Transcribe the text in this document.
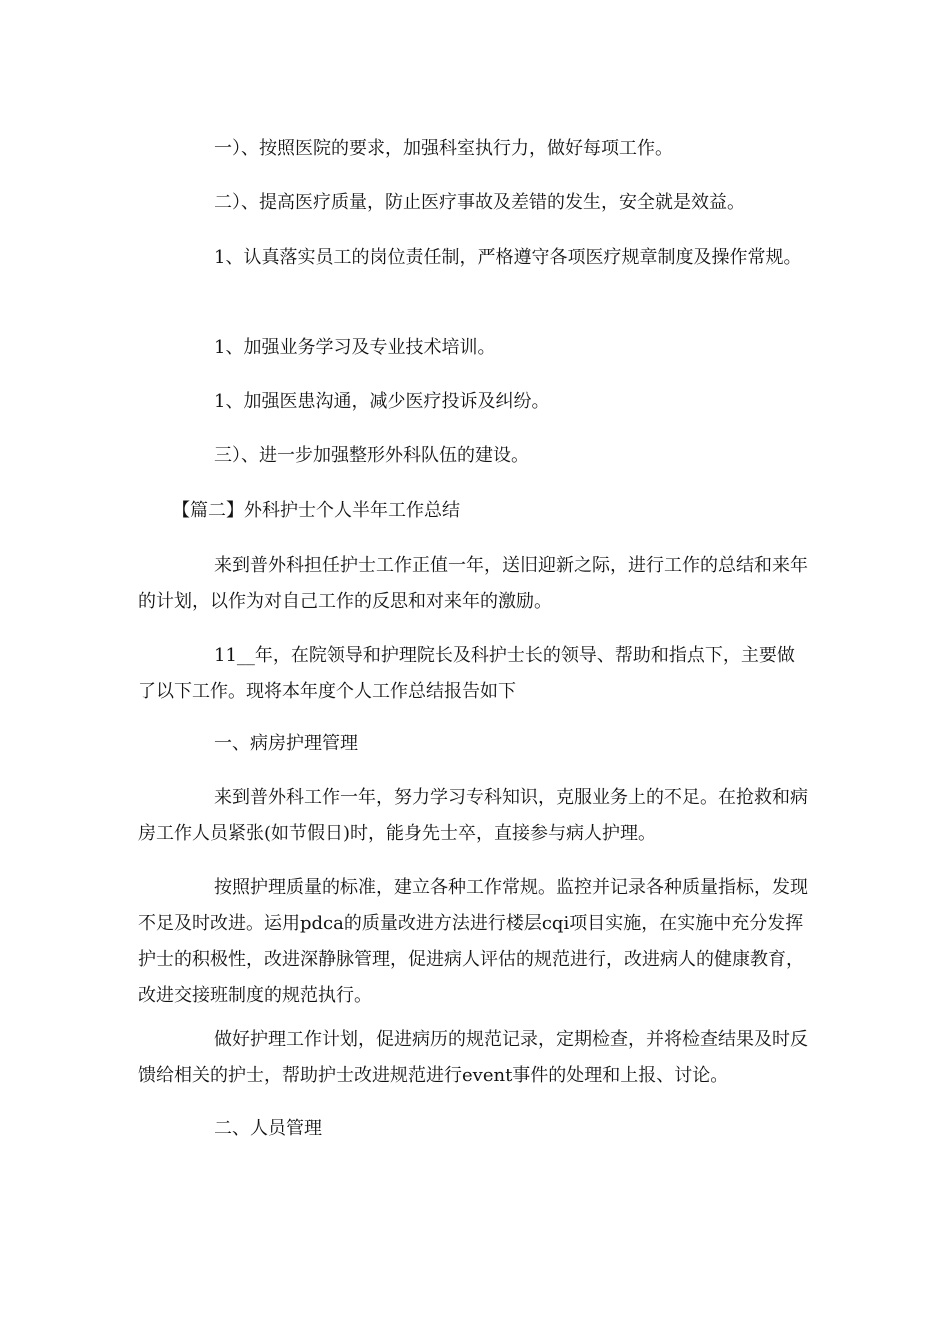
一）、按照医院的要求，加强科室执行力，做好每项工作。

二）、提高医疗质量，防止医疗事故及差错的发生，安全就是效益。

1、认真落实员工的岗位责任制，严格遵守各项医疗规章制度及操作常规。

1、加强业务学习及专业技术培训。

1、加强医患沟通，减少医疗投诉及纠纷。

三）、进一步加强整形外科队伍的建设。

【篇二】外科护士个人半年工作总结

来到普外科担任护士工作正值一年，送旧迎新之际，进行工作的总结和来年的计划，以作为对自己工作的反思和对来年的激励。

11__年，在院领导和护理院长及科护士长的领导、帮助和指点下，主要做了以下工作。现将本年度个人工作总结报告如下

一、病房护理管理

来到普外科工作一年，努力学习专科知识，克服业务上的不足。在抢救和病房工作人员紧张(如节假日)时，能身先士卒，直接参与病人护理。

按照护理质量的标准，建立各种工作常规。监控并记录各种质量指标，发现不足及时改进。运用pdca的质量改进方法进行楼层cqi项目实施，在实施中充分发挥护士的积极性，改进深静脉管理，促进病人评估的规范进行，改进病人的健康教育，改进交接班制度的规范执行。

做好护理工作计划，促进病历的规范记录，定期检查，并将检查结果及时反馈给相关的护士，帮助护士改进规范进行event事件的处理和上报、讨论。

二、人员管理
